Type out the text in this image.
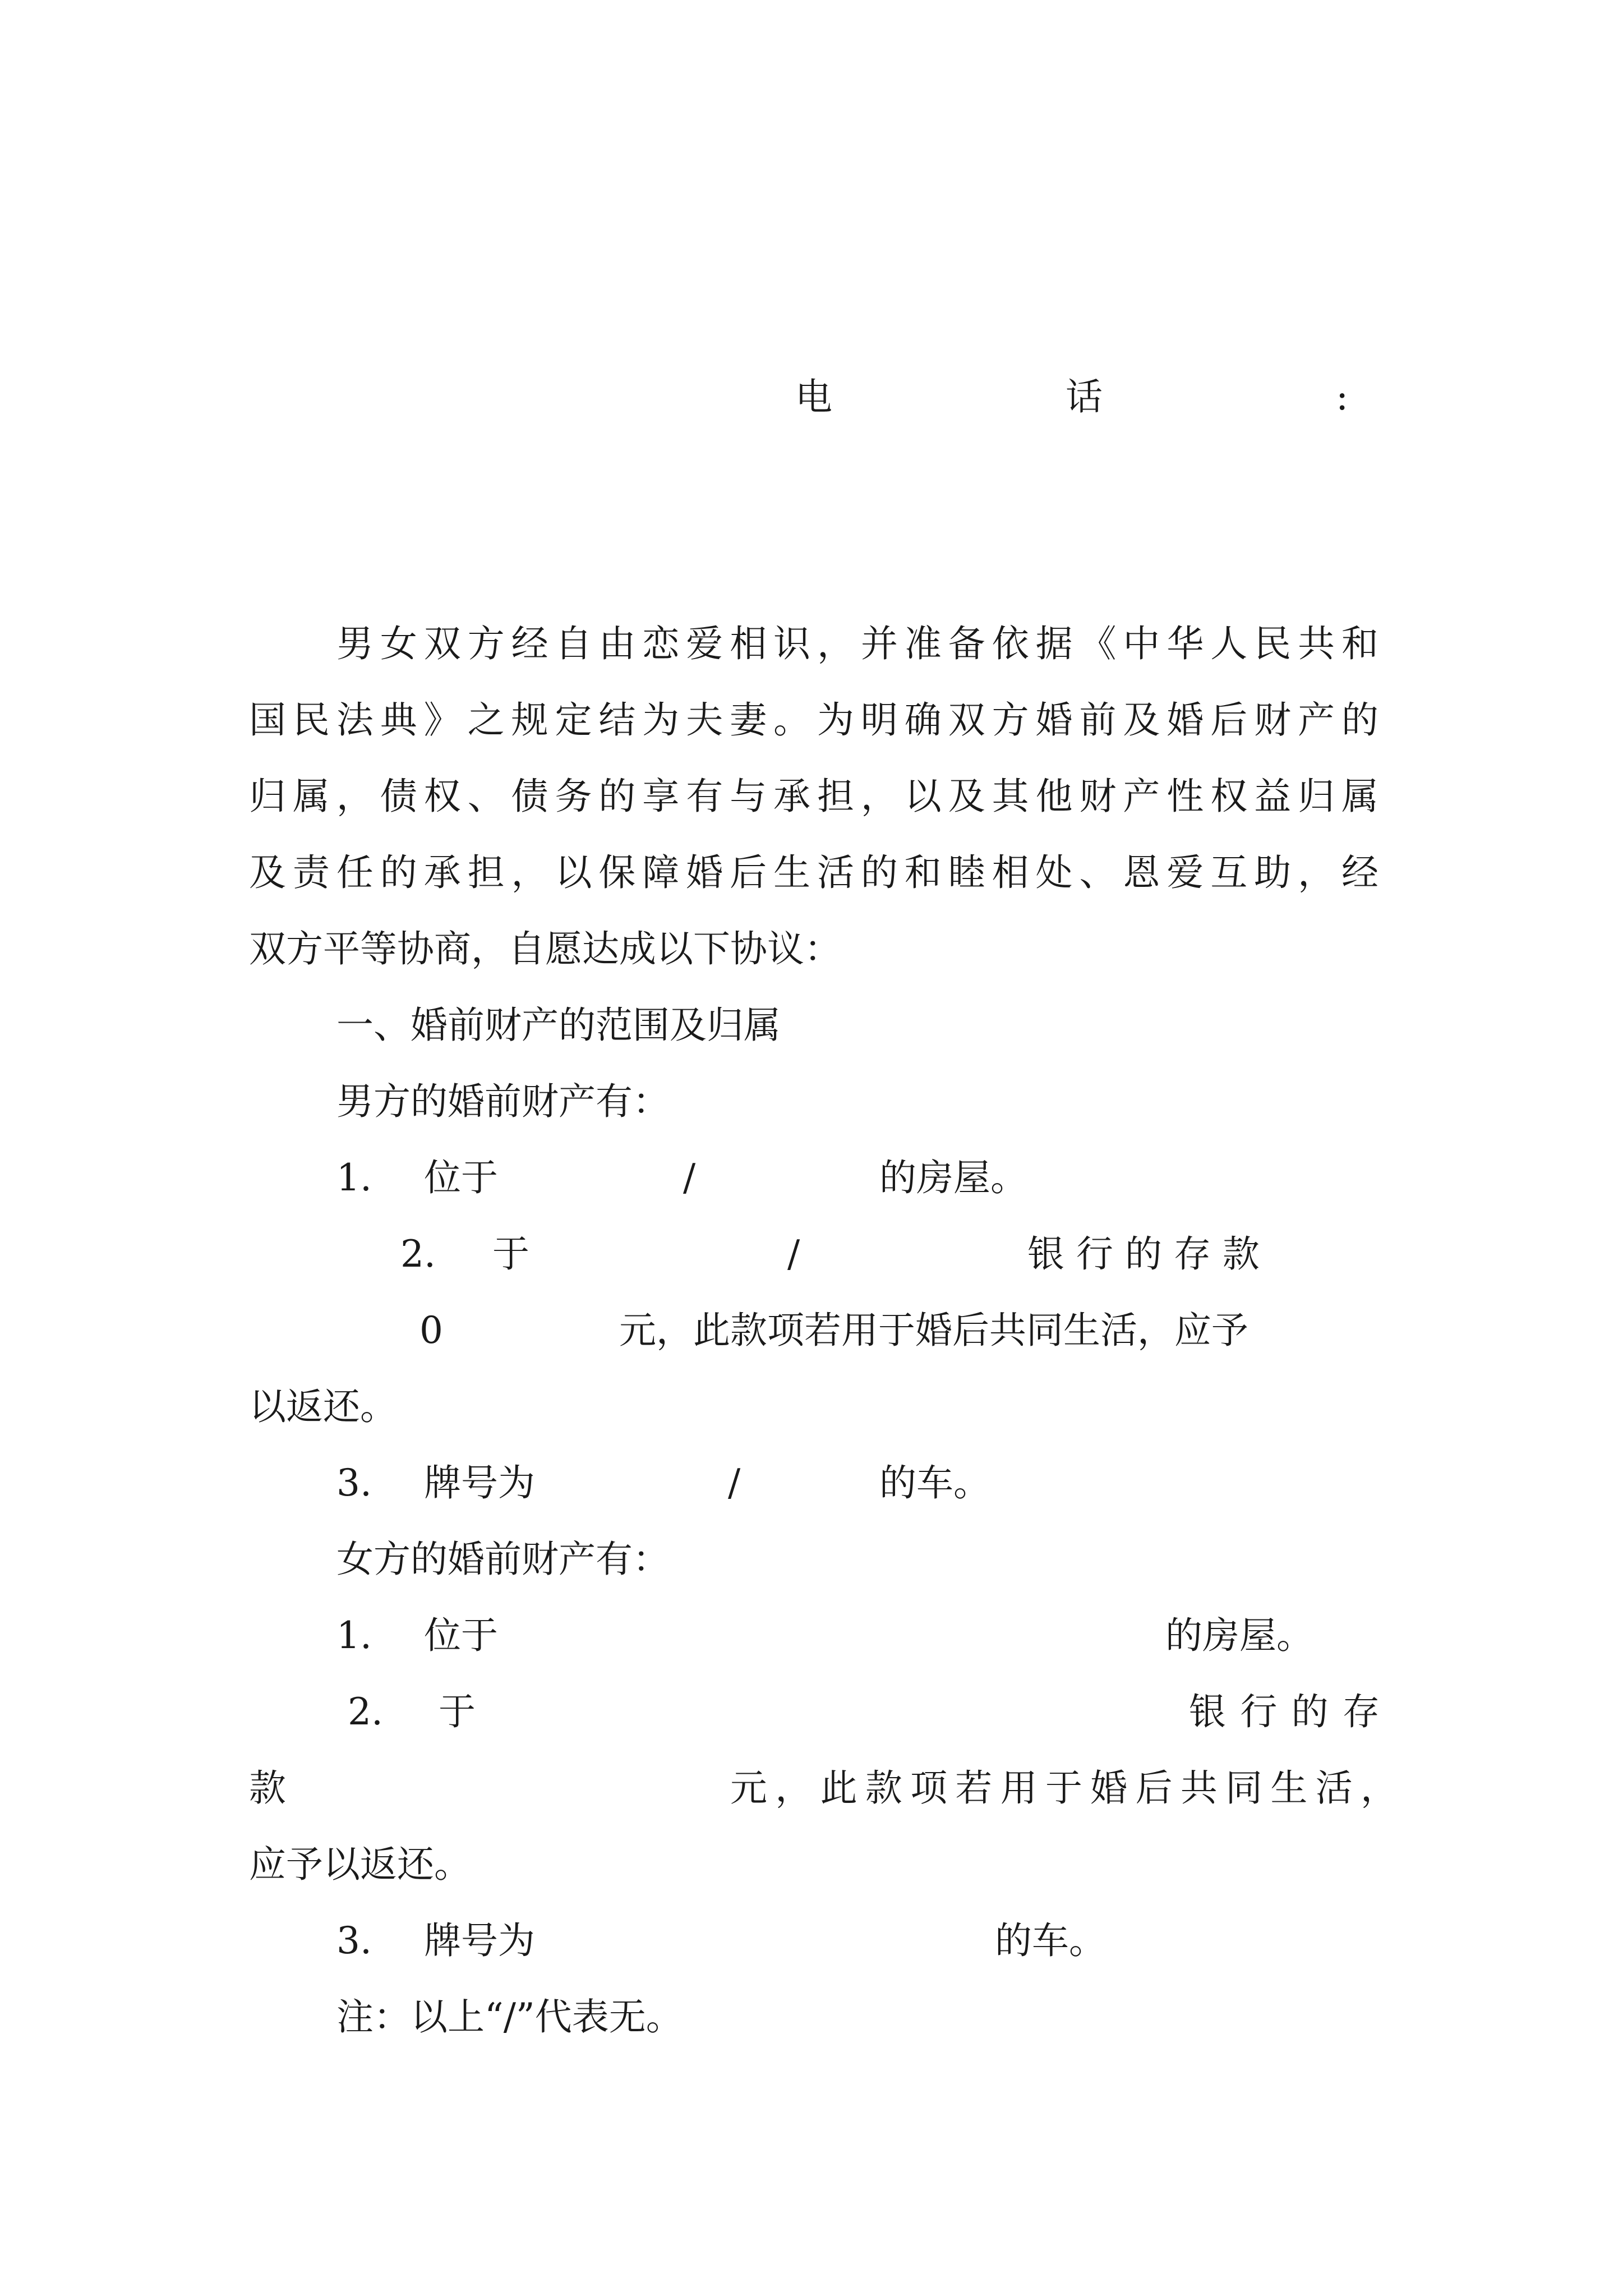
电	话	:
男女双方经自由恋爱相识，并准备依据《中华人民共和
国民法典》之规定结为夫妻。为明确双方婚前及婚后财产的
归属，债权、债务的享有与承担，以及其他财产性权益归属
及责任的承担，以保障婚后生活的和睦相处、恩爱互助，经
双方平等协商，自愿达成以下协议：
一、婚前财产的范围及归属
男方的婚前财产有：
1. 位于	/	的房屋。
2. 于	/	银 行 的 存 款
0	元，此款项若用于婚后共同生活，应予
以返还。
3. 牌号为	/	的车。
女方的婚前财产有：
1. 位于	的房屋。
2. 于	银行的存
款	元，此款项若用于婚后共同生活，
应予以返还。
3. 牌号为	的车。
注：以上“/”代表无。
